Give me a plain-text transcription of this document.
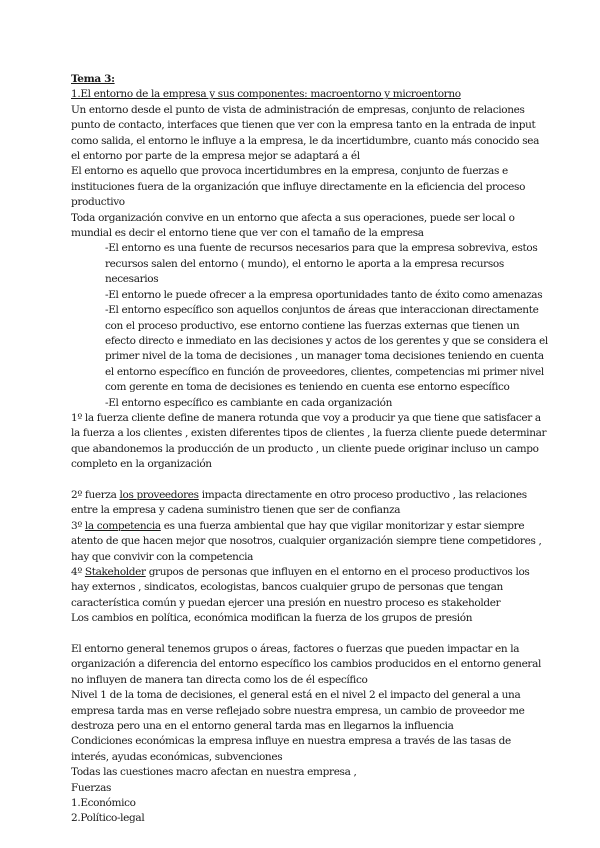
Tema 3:

1.El entorno de la empresa y sus componentes: macroentorno y microentorno

Un entorno desde el punto de vista de administración de empresas, conjunto de relaciones punto de contacto, interfaces que tienen que ver con la empresa tanto en la entrada de input como salida, el entorno le influye a la empresa, le da incertidumbre, cuanto más conocido sea el entorno por parte de la empresa mejor se adaptará a él

El entorno es aquello que provoca incertidumbres en la empresa, conjunto de fuerzas e instituciones fuera de la organización que influye directamente en la eficiencia del proceso productivo

Toda organización convive en un entorno que afecta a sus operaciones, puede ser local o mundial es decir el entorno tiene que ver con el tamaño de la empresa

-El entorno es una fuente de recursos necesarios para que la empresa sobreviva, estos recursos salen del entorno ( mundo), el entorno le aporta a la empresa recursos necesarios

-El entorno le puede ofrecer a la empresa oportunidades tanto de éxito como amenazas

-El entorno específico son aquellos conjuntos de áreas que interaccionan directamente con el proceso productivo, ese entorno contiene las fuerzas externas que tienen un efecto directo e inmediato en las decisiones y actos de los gerentes y que se considera el primer nivel de la toma de decisiones , un manager toma decisiones teniendo en cuenta el entorno específico en función de proveedores, clientes, competencias mi primer nivel com gerente en toma de decisiones es teniendo en cuenta ese entorno específico

-El entorno específico es cambiante en cada organización

1º la fuerza cliente define de manera rotunda que voy a producir ya que tiene que satisfacer a la fuerza a los clientes , existen diferentes tipos de clientes , la fuerza cliente puede determinar que abandonemos la producción de un producto , un cliente puede originar incluso un campo completo en la organización

2º fuerza los proveedores impacta directamente en otro proceso productivo , las relaciones entre la empresa y cadena suministro tienen que ser de confianza

3º la competencia es una fuerza ambiental que hay que vigilar monitorizar y estar siempre atento de que hacen mejor que nosotros, cualquier organización siempre tiene competidores , hay que convivir con la competencia

4º Stakeholder grupos de personas que influyen en el entorno en el proceso productivos los hay externos , sindicatos, ecologistas, bancos cualquier grupo de personas que tengan característica común y puedan ejercer una presión en nuestro proceso es stakeholder

Los cambios en política, económica modifican la fuerza de los grupos de presión

El entorno general tenemos grupos o áreas, factores o fuerzas que pueden impactar en la organización a diferencia del entorno específico los cambios producidos en el entorno general no influyen de manera tan directa como los de él específico

Nivel 1 de la toma de decisiones, el general está en el nivel 2 el impacto del general a una empresa tarda mas en verse reflejado sobre nuestra empresa, un cambio de proveedor me destroza pero una en el entorno general tarda mas en llegarnos la influencia

Condiciones económicas la empresa influye en nuestra empresa a través de las tasas de interés, ayudas económicas, subvenciones

Todas las cuestiones macro afectan en nuestra empresa ,

Fuerzas

1.Económico

2.Político-legal
